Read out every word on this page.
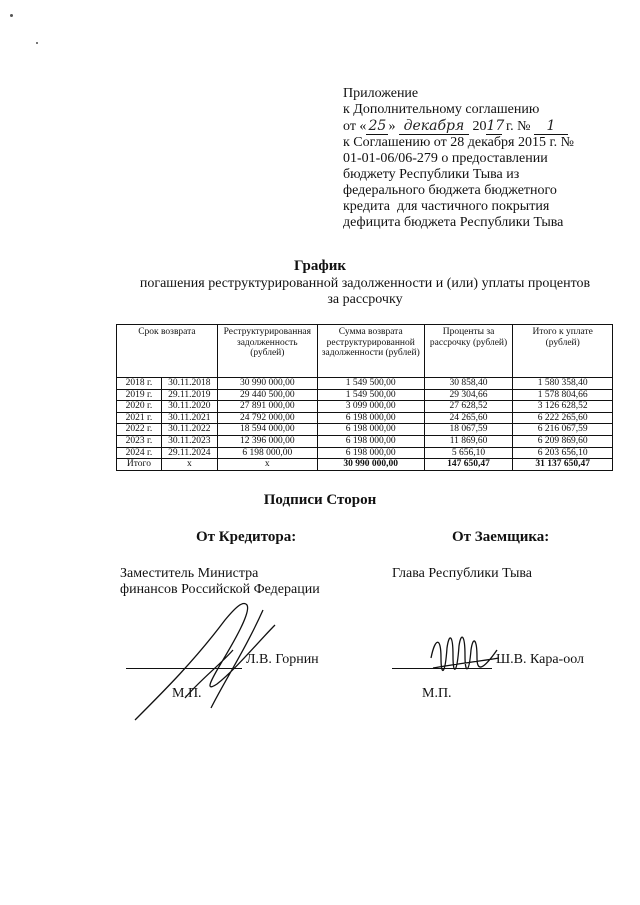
Приложение
к Дополнительному соглашению
от « 25 » декабря 2017 г. № 1
к Соглашению от 28 декабря 2015 г. №
01-01-06/06-279 о предоставлении
бюджету Республики Тыва из
федерального бюджета бюджетного
кредита  для частичного покрытия
дефицита бюджета Республики Тыва
График
погашения реструктурированной задолженности и (или) уплаты процентов
за рассрочку
Срок возврата		Реструктурированная задолженность (рублей)	Сумма возврата реструктурированной задолженности (рублей)	Проценты за рассрочку (рублей)	Итого к уплате (рублей)
2018 г.	30.11.2018	30 990 000,00	1 549 500,00	30 858,40	1 580 358,40
2019 г.	29.11.2019	29 440 500,00	1 549 500,00	29 304,66	1 578 804,66
2020 г.	30.11.2020	27 891 000,00	3 099 000,00	27 628,52	3 126 628,52
2021 г.	30.11.2021	24 792 000,00	6 198 000,00	24 265,60	6 222 265,60
2022 г.	30.11.2022	18 594 000,00	6 198 000,00	18 067,59	6 216 067,59
2023 г.	30.11.2023	12 396 000,00	6 198 000,00	11 869,60	6 209 869,60
2024 г.	29.11.2024	6 198 000,00	6 198 000,00	5 656,10	6 203 656,10
Итого	х	х	30 990 000,00	147 650,47	31 137 650,47
Подписи Сторон
От Кредитора:	От Заемщика:
Заместитель Министра
финансов Российской Федерации
Глава Республики Тыва
Л.В. Горнин	Ш.В. Кара-оол
М.П.	М.П.
